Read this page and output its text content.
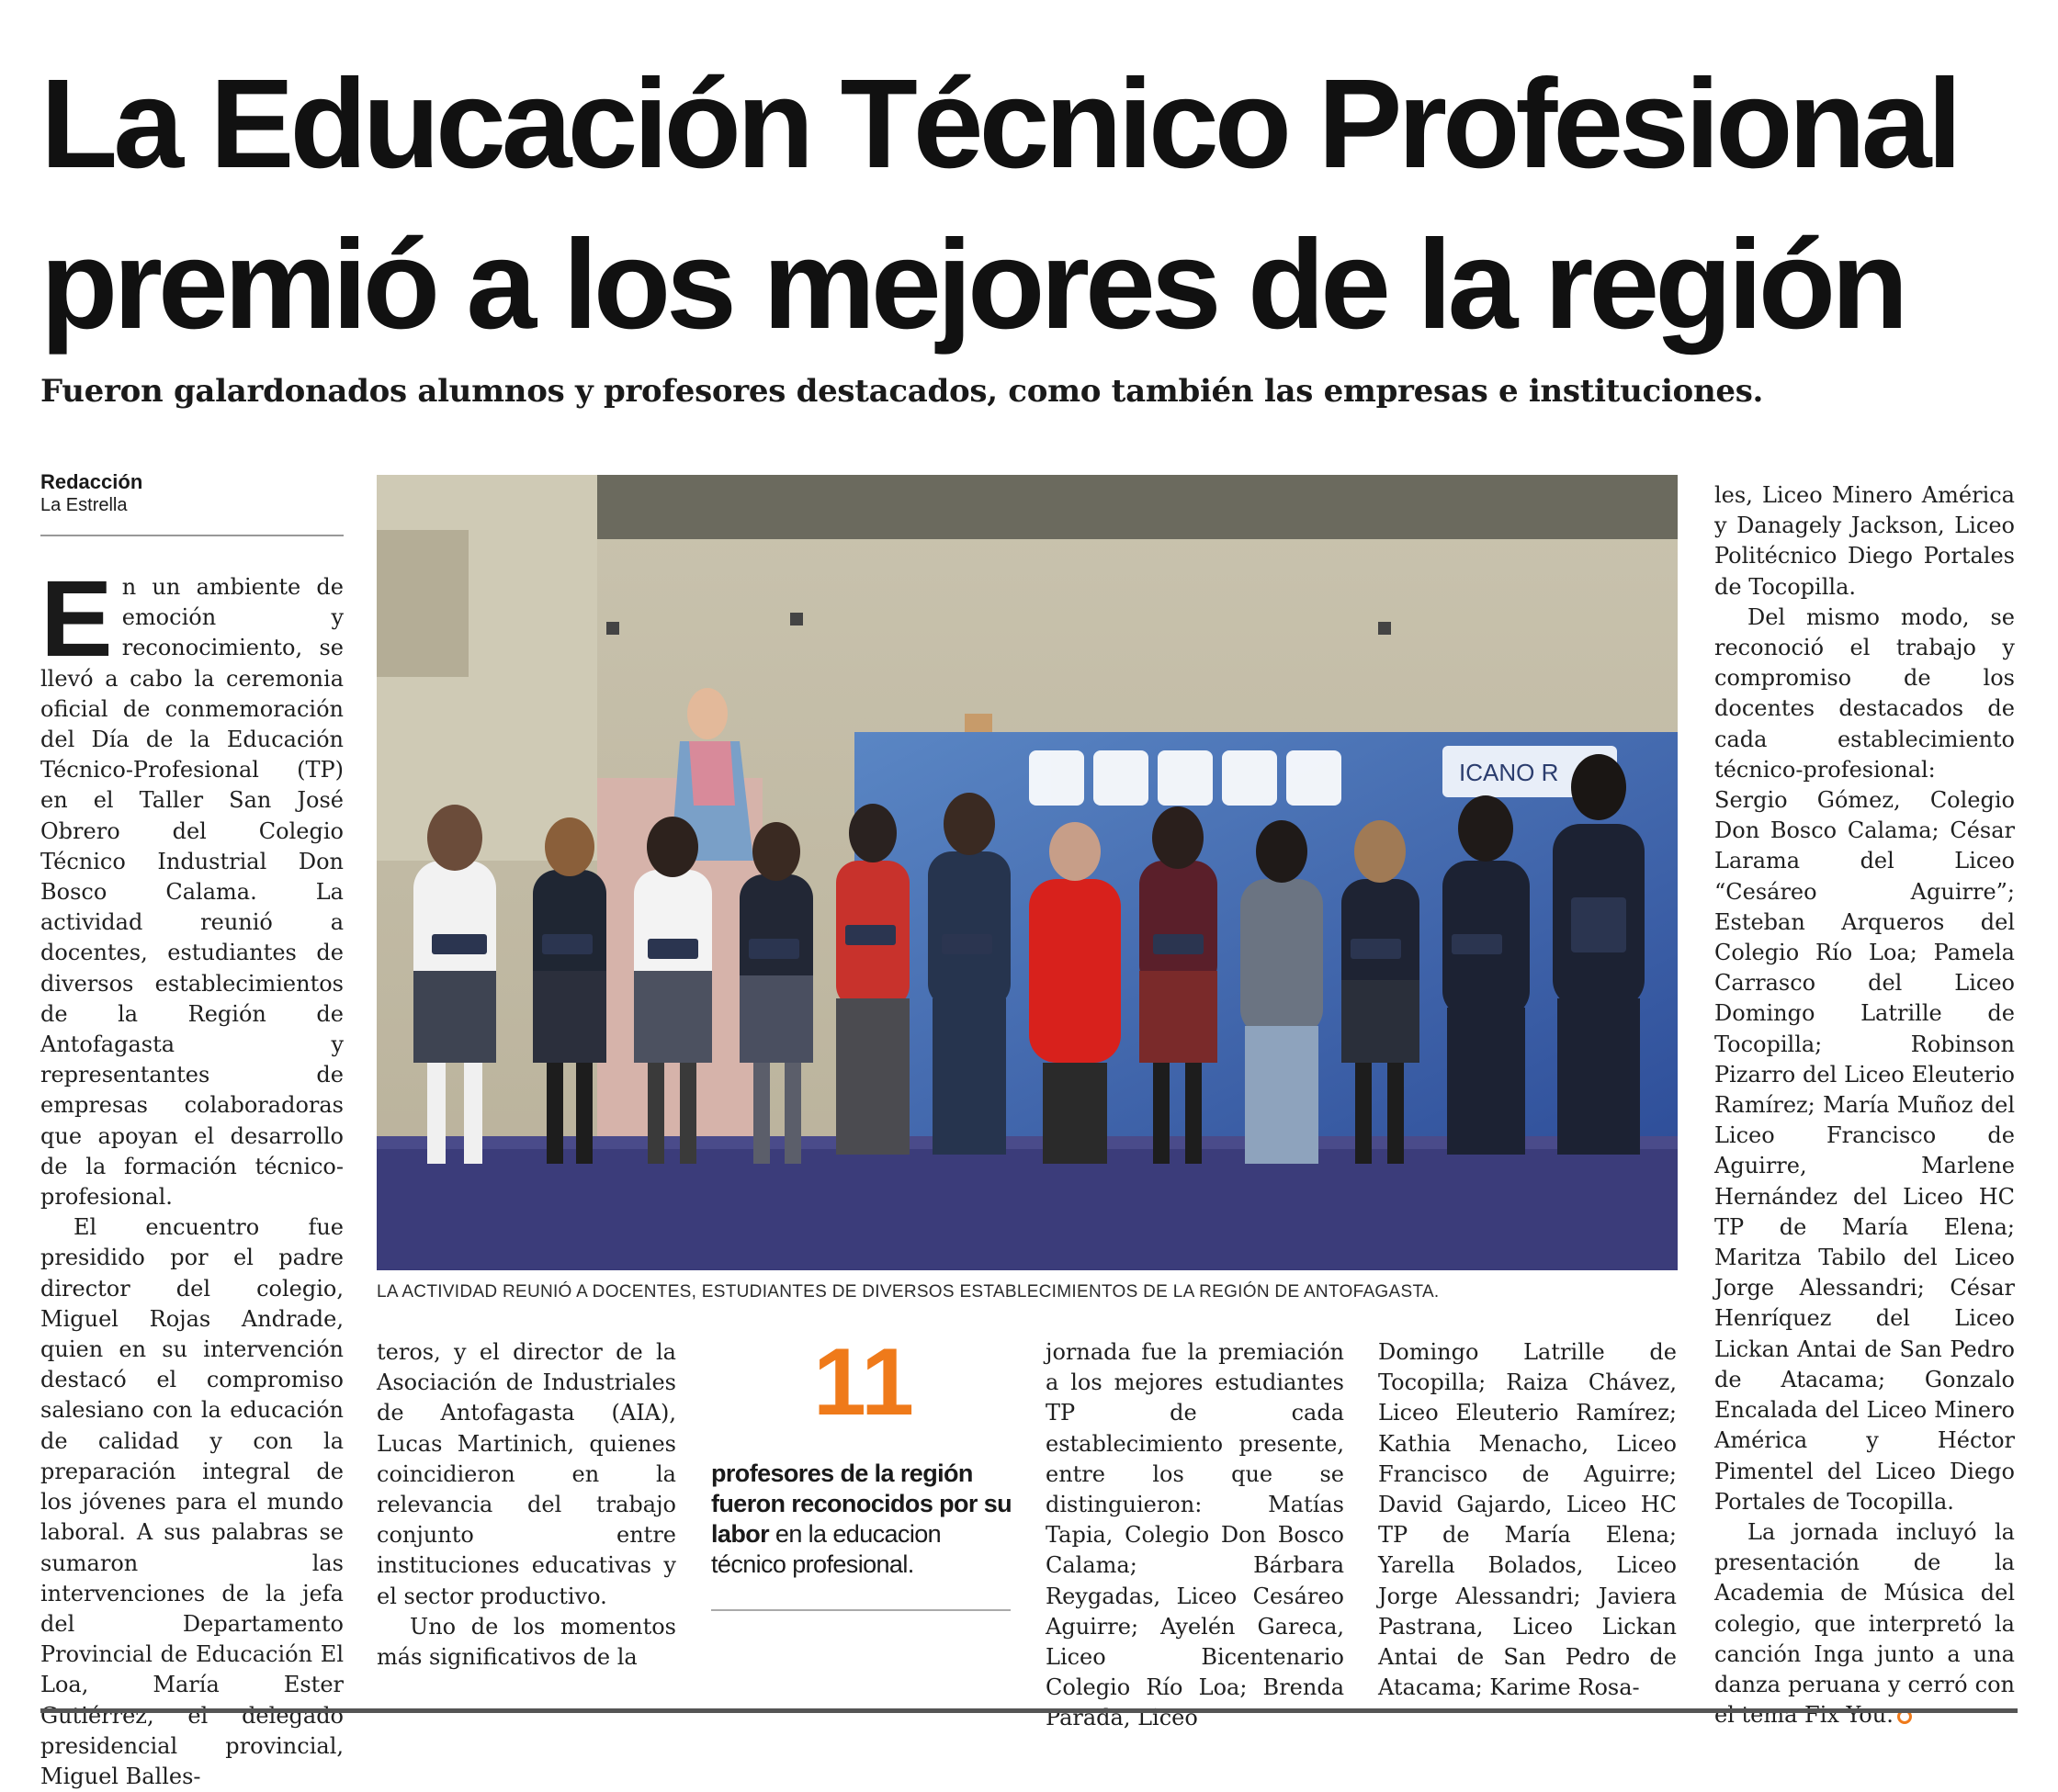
La Educación Técnico Profesional
premió a los mejores de la región
Fueron galardonados alumnos y profesores destacados, como también las empresas e instituciones.
Redacción
La Estrella

En un ambiente de emoción y reconocimiento, se llevó a cabo la ceremonia oficial de conmemoración del Día de la Educación Técnico-Profesional (TP) en el Taller San José Obrero del Colegio Técnico Industrial Don Bosco Calama. La actividad reunió a docentes, estudiantes de diversos establecimientos de la Región de Antofagasta y representantes de empresas colaboradoras que apoyan el desarrollo de la formación técnico-profesional.

El encuentro fue presidido por el padre director del colegio, Miguel Rojas Andrade, quien en su intervención destacó el compromiso salesiano con la educación de calidad y con la preparación integral de los jóvenes para el mundo laboral. A sus palabras se sumaron las intervenciones de la jefa del Departamento Provincial de Educación El Loa, María Ester Gutiérrez, el delegado presidencial provincial, Miguel Balles-

ICANO R
LA ACTIVIDAD REUNIÓ A DOCENTES, ESTUDIANTES DE DIVERSOS ESTABLECIMIENTOS DE LA REGIÓN DE ANTOFAGASTA.

teros, y el director de la Asociación de Industriales de Antofagasta (AIA), Lucas Martinich, quienes coincidieron en la relevancia del trabajo conjunto entre instituciones educativas y el sector productivo.

Uno de los momentos más significativos de la

11
profesores de la región fueron reconocidos por su labor en la educacion técnico profesional.

jornada fue la premiación a los mejores estudiantes TP de cada establecimiento presente, entre los que se distinguieron: Matías Tapia, Colegio Don Bosco Calama; Bárbara Reygadas, Liceo Cesáreo Aguirre; Ayelén Gareca, Liceo Bicentenario Colegio Río Loa; Brenda Parada, Liceo

Domingo Latrille de Tocopilla; Raiza Chávez, Liceo Eleuterio Ramírez; Kathia Menacho, Liceo Francisco de Aguirre; David Gajardo, Liceo HC TP de María Elena; Yarella Bolados, Liceo Jorge Alessandri; Javiera Pastrana, Liceo Lickan Antai de San Pedro de Atacama; Karime Rosa-

les, Liceo Minero América y Danagely Jackson, Liceo Politécnico Diego Portales de Tocopilla.

Del mismo modo, se reconoció el trabajo y compromiso de los docentes destacados de cada establecimiento técnico-profesional: Sergio Gómez, Colegio Don Bosco Calama; César Larama del Liceo “Cesáreo Aguirre”; Esteban Arqueros del Colegio Río Loa; Pamela Carrasco del Liceo Domingo Latrille de Tocopilla; Robinson Pizarro del Liceo Eleuterio Ramírez; María Muñoz del Liceo Francisco de Aguirre, Marlene Hernández del Liceo HC TP de María Elena; Maritza Tabilo del Liceo Jorge Alessandri; César Henríquez del Liceo Lickan Antai de San Pedro de Atacama; Gonzalo Encalada del Liceo Minero América y Héctor Pimentel del Liceo Diego Portales de Tocopilla.

La jornada incluyó la presentación de la Academia de Música del colegio, que interpretó la canción Inga junto a una danza peruana y cerró con el tema Fix You.
